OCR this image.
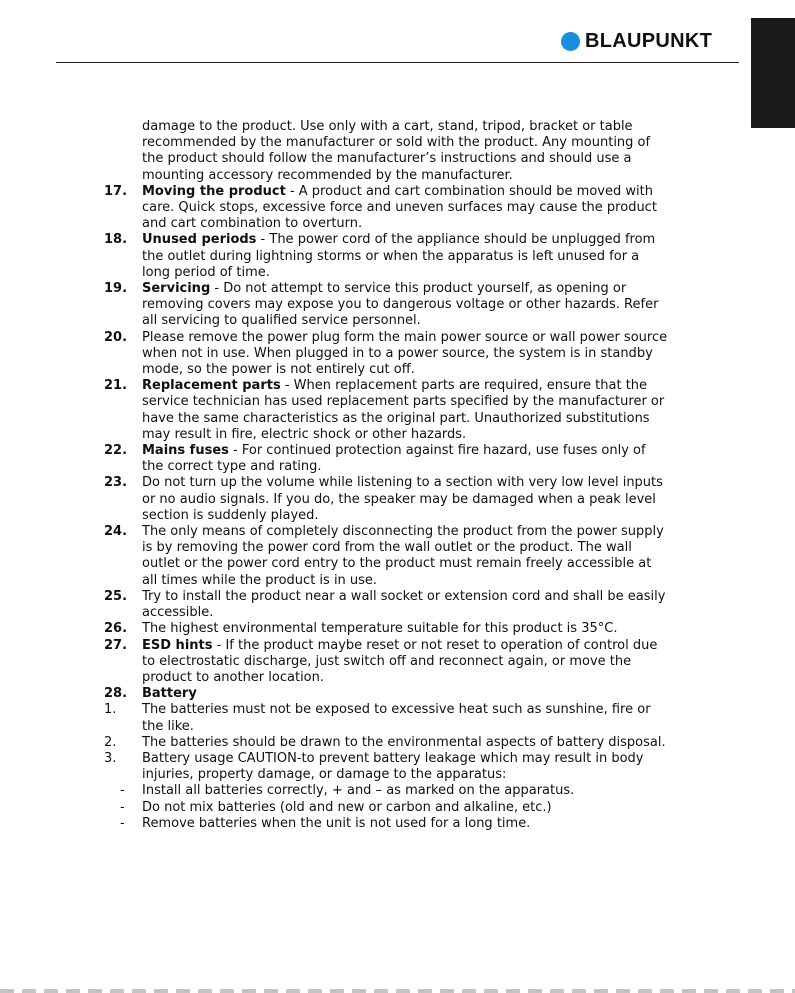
BLAUPUNKT
damage to the product. Use only with a cart, stand, tripod, bracket or table recommended by the manufacturer or sold with the product. Any mounting of the product should follow the manufacturer’s instructions and should use a mounting accessory recommended by the manufacturer.
17. Moving the product - A product and cart combination should be moved with care. Quick stops, excessive force and uneven surfaces may cause the product and cart combination to overturn.
18. Unused periods - The power cord of the appliance should be unplugged from the outlet during lightning storms or when the apparatus is left unused for a long period of time.
19. Servicing - Do not attempt to service this product yourself, as opening or removing covers may expose you to dangerous voltage or other hazards. Refer all servicing to qualified service personnel.
20. Please remove the power plug form the main power source or wall power source when not in use. When plugged in to a power source, the system is in standby mode, so the power is not entirely cut off.
21. Replacement parts - When replacement parts are required, ensure that the service technician has used replacement parts specified by the manufacturer or have the same characteristics as the original part. Unauthorized substitutions may result in fire, electric shock or other hazards.
22. Mains fuses - For continued protection against fire hazard, use fuses only of the correct type and rating.
23. Do not turn up the volume while listening to a section with very low level inputs or no audio signals. If you do, the speaker may be damaged when a peak level section is suddenly played.
24. The only means of completely disconnecting the product from the power supply is by removing the power cord from the wall outlet or the product. The wall outlet or the power cord entry to the product must remain freely accessible at all times while the product is in use.
25. Try to install the product near a wall socket or extension cord and shall be easily accessible.
26. The highest environmental temperature suitable for this product is 35°C.
27. ESD hints - If the product maybe reset or not reset to operation of control due to electrostatic discharge, just switch off and reconnect again, or move the product to another location.
28. Battery
1. The batteries must not be exposed to excessive heat such as sunshine, fire or the like.
2. The batteries should be drawn to the environmental aspects of battery disposal.
3. Battery usage CAUTION-to prevent battery leakage which may result in body injuries, property damage, or damage to the apparatus:
- Install all batteries correctly, + and – as marked on the apparatus.
- Do not mix batteries (old and new or carbon and alkaline, etc.)
- Remove batteries when the unit is not used for a long time.
